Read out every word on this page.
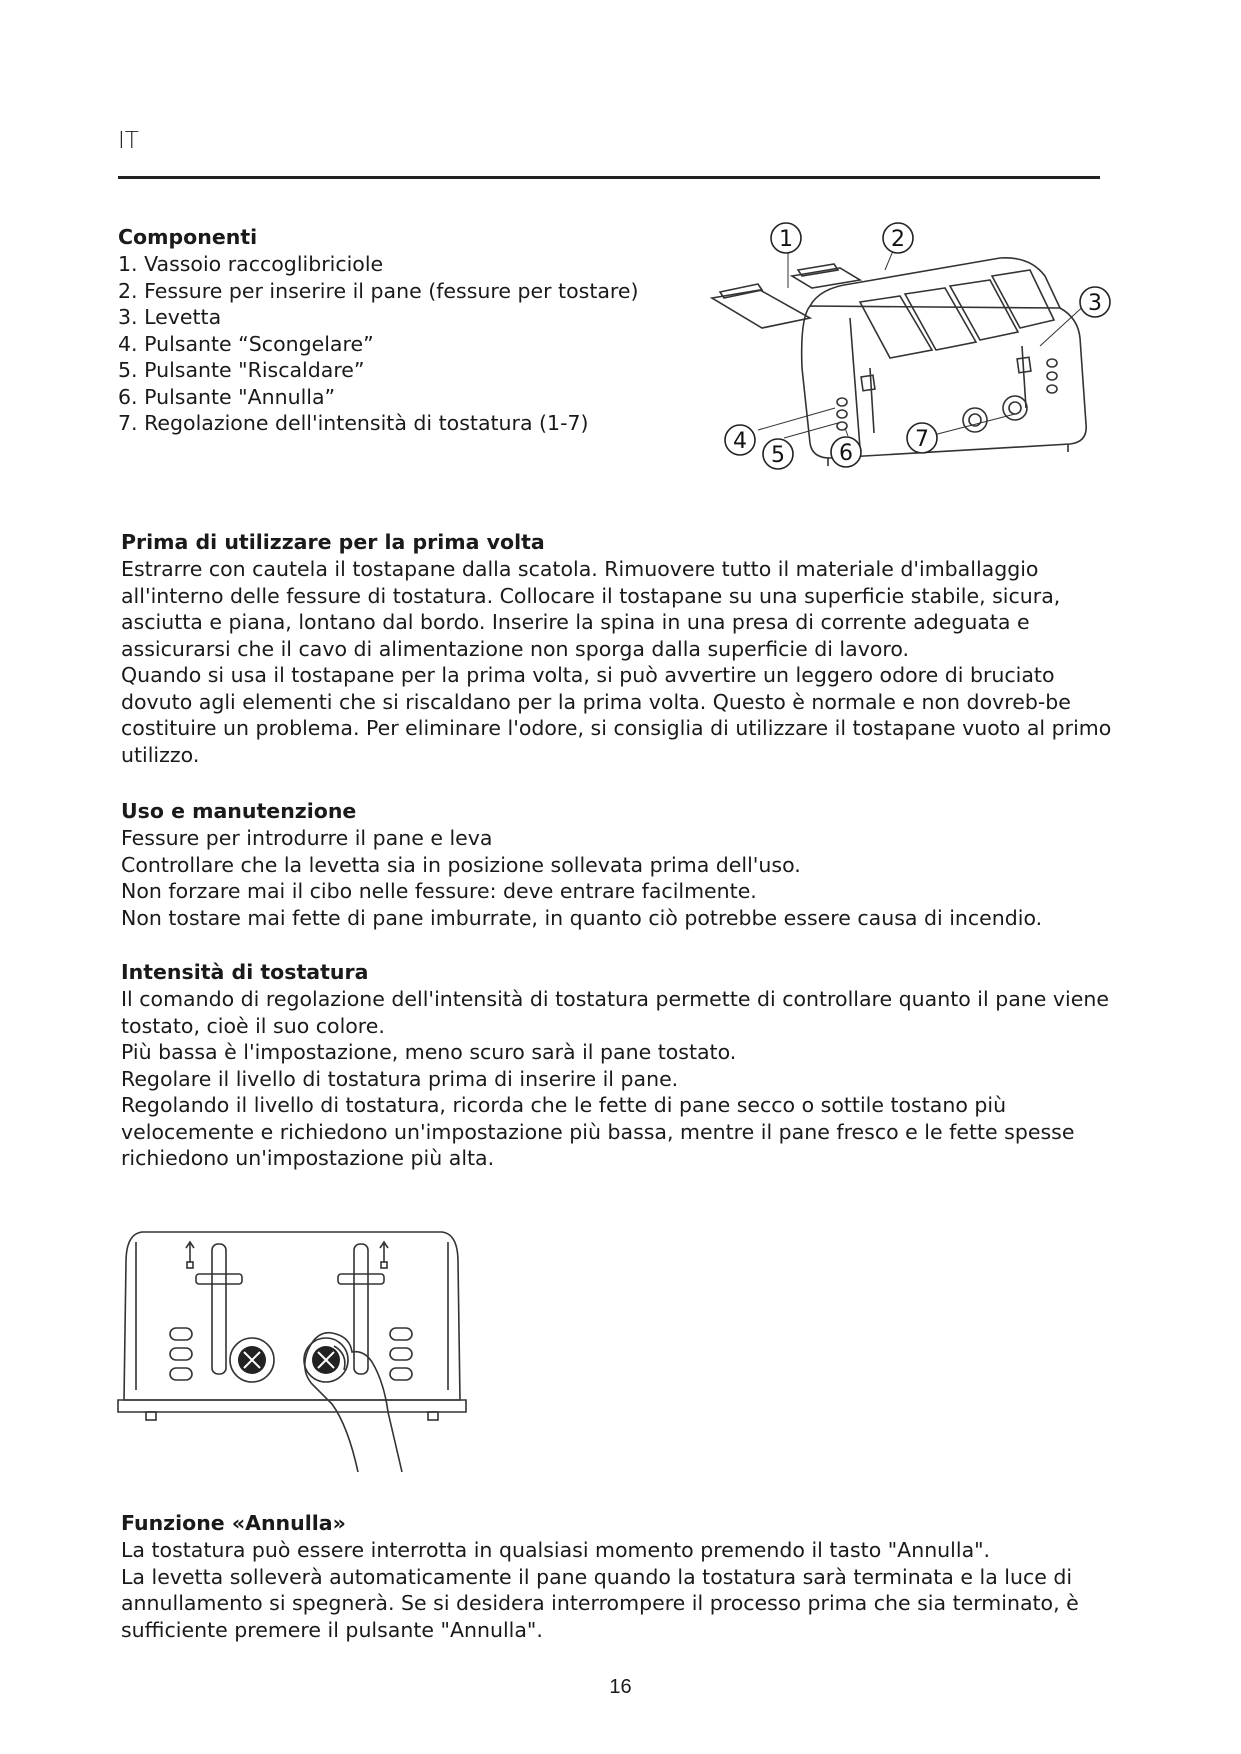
IT
Componenti
1. Vassoio raccoglibriciole
2. Fessure per inserire il pane (fessure per tostare)
3. Levetta
4. Pulsante “Scongelare”
5. Pulsante "Riscaldare”
6. Pulsante "Annulla”
7. Regolazione dell'intensità di tostatura (1-7)
1	2
3
4
5 6
7
Prima di utilizzare per la prima volta

Estrarre con cautela il tostapane dalla scatola. Rimuovere tutto il materiale d'imballaggio all'interno delle fessure di tostatura. Collocare il tostapane su una superficie stabile, sicura, asciutta e piana, lontano dal bordo. Inserire la spina in una presa di corrente adeguata e assicurarsi che il cavo di alimentazione non sporga dalla superficie di lavoro.

Quando si usa il tostapane per la prima volta, si può avvertire un leggero odore di bruciato dovuto agli elementi che si riscaldano per la prima volta. Questo è normale e non dovreb-be costituire un problema. Per eliminare l'odore, si consiglia di utilizzare il tostapane vuoto al primo utilizzo.

Uso e manutenzione

Fessure per introdurre il pane e leva

Controllare che la levetta sia in posizione sollevata prima dell'uso.

Non forzare mai il cibo nelle fessure: deve entrare facilmente.

Non tostare mai fette di pane imburrate, in quanto ciò potrebbe essere causa di incendio.

Intensità di tostatura

Il comando di regolazione dell'intensità di tostatura permette di controllare quanto il pane viene tostato, cioè il suo colore.

Più bassa è l'impostazione, meno scuro sarà il pane tostato.

Regolare il livello di tostatura prima di inserire il pane.

Regolando il livello di tostatura, ricorda che le fette di pane secco o sottile tostano più velocemente e richiedono un'impostazione più bassa, mentre il pane fresco e le fette spesse richiedono un'impostazione più alta.

Funzione «Annulla»

La tostatura può essere interrotta in qualsiasi momento premendo il tasto "Annulla".

La levetta solleverà automaticamente il pane quando la tostatura sarà terminata e la luce di annullamento si spegnerà. Se si desidera interrompere il processo prima che sia terminato, è sufficiente premere il pulsante "Annulla".

16
